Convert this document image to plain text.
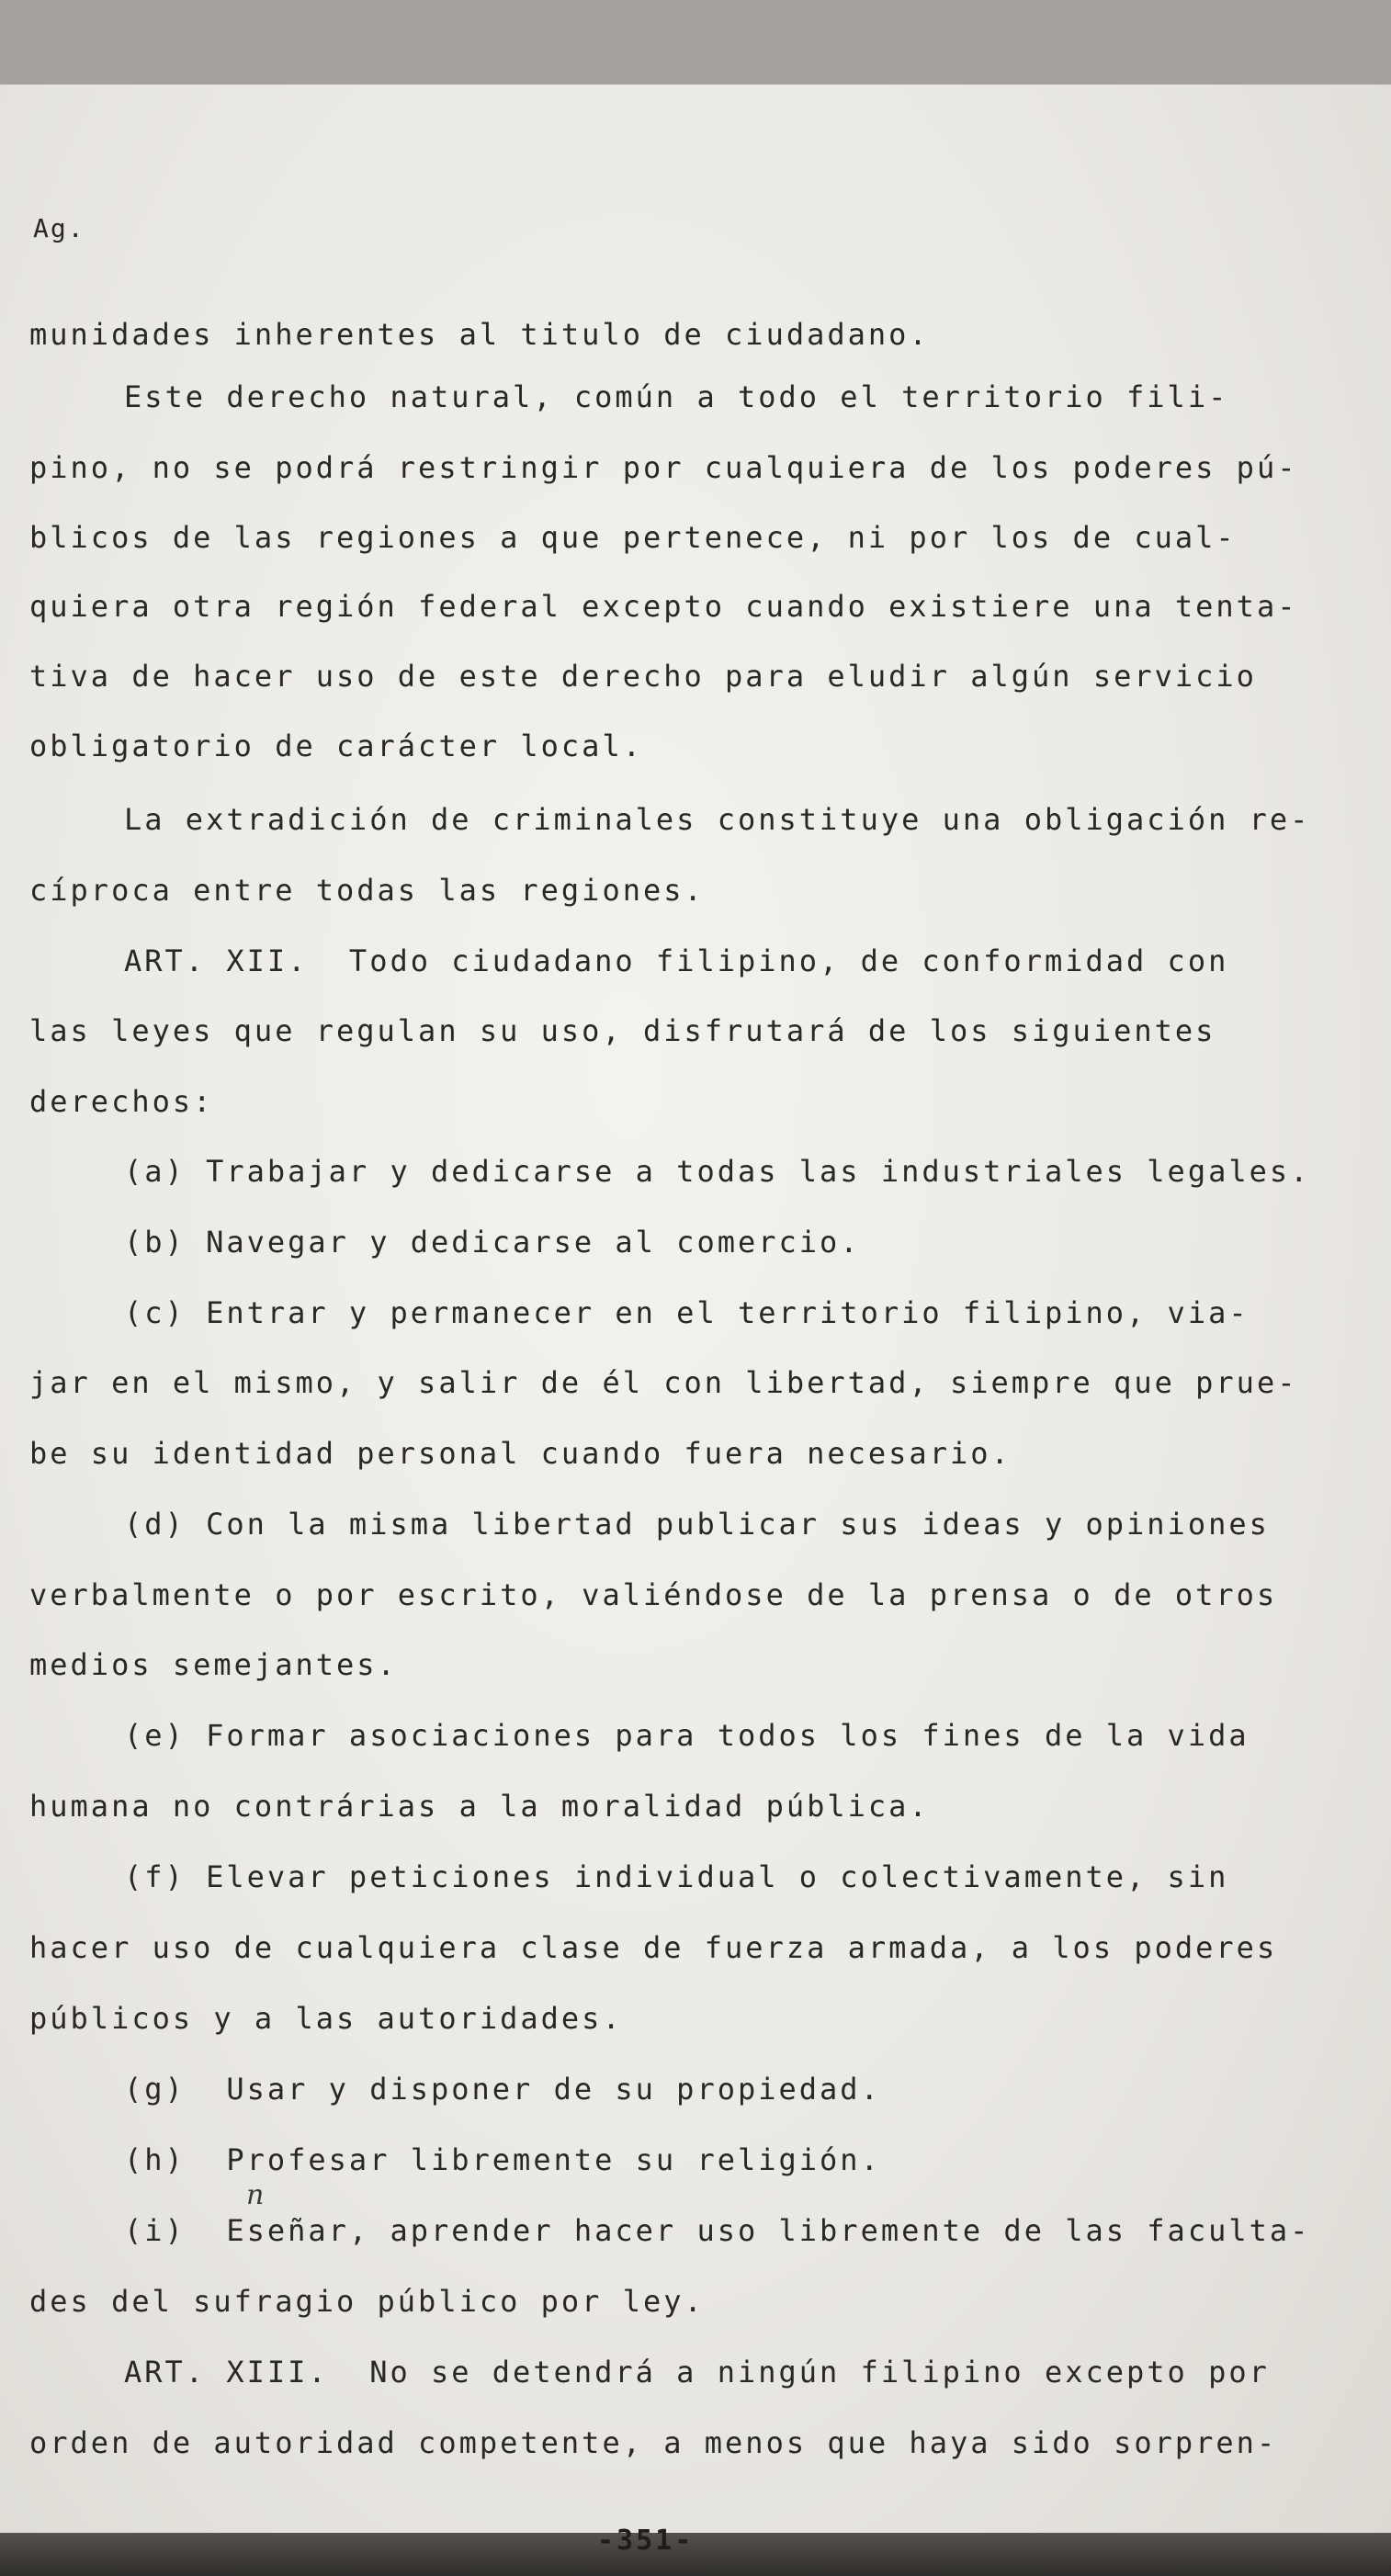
Ag.
munidades inherentes al titulo de ciudadano.
Este derecho natural, común a todo el territorio fili-
pino, no se podrá restringir por cualquiera de los poderes pú-
blicos de las regiones a que pertenece, ni por los de cual-
quiera otra región federal excepto cuando existiere una tenta-
tiva de hacer uso de este derecho para eludir algún servicio
obligatorio de carácter local.
La extradición de criminales constituye una obligación re-
cíproca entre todas las regiones.
ART. XII.  Todo ciudadano filipino, de conformidad con
las leyes que regulan su uso, disfrutará de los siguientes
derechos:
(a) Trabajar y dedicarse a todas las industriales legales.
(b) Navegar y dedicarse al comercio.
(c) Entrar y permanecer en el territorio filipino, via-
jar en el mismo, y salir de él con libertad, siempre que prue-
be su identidad personal cuando fuera necesario.
(d) Con la misma libertad publicar sus ideas y opiniones
verbalmente o por escrito, valiéndose de la prensa o de otros
medios semejantes.
(e) Formar asociaciones para todos los fines de la vida
humana no contrárias a la moralidad pública.
(f) Elevar peticiones individual o colectivamente, sin
hacer uso de cualquiera clase de fuerza armada, a los poderes
públicos y a las autoridades.
(g)  Usar y disponer de su propiedad.
(h)  Profesar libremente su religión.
(i)  Eseñar, aprender hacer uso libremente de las faculta-
des del sufragio público por ley.
ART. XIII.  No se detendrá a ningún filipino excepto por
orden de autoridad competente, a menos que haya sido sorpren-
n
-351-
